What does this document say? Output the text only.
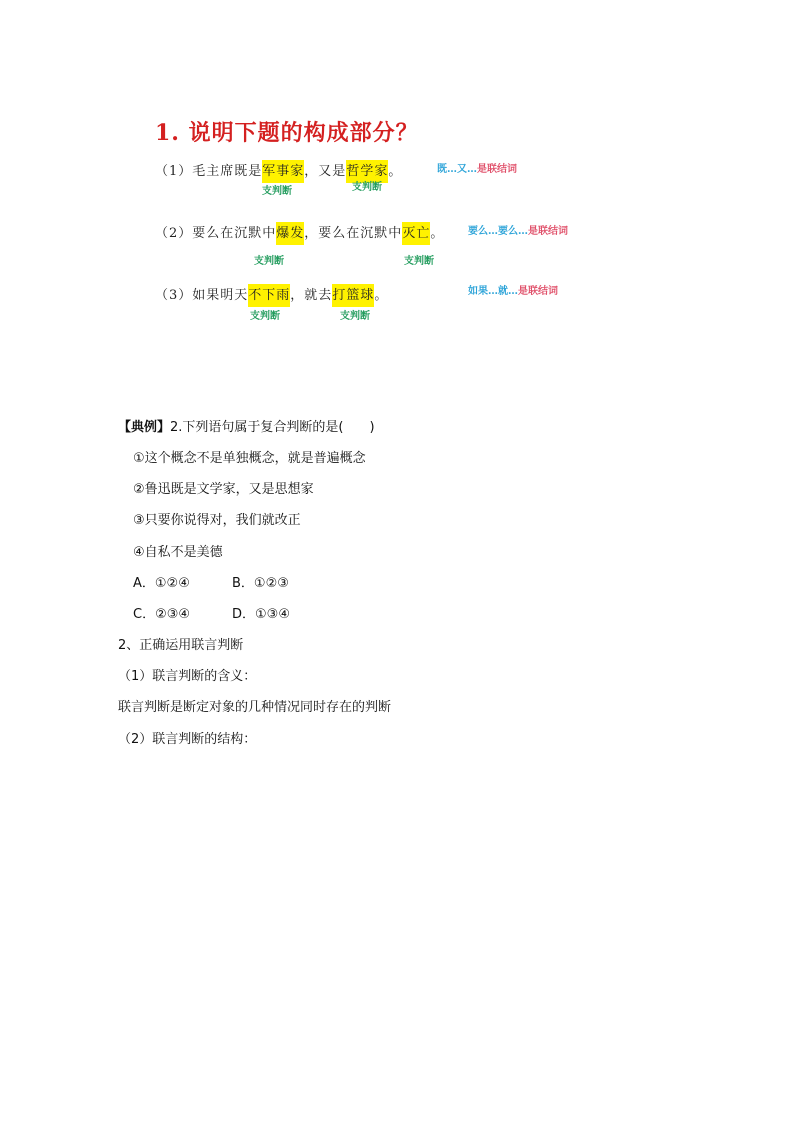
1. 说明下题的构成部分？
（1）毛主席既是军事家，又是哲学家。
支判断	支判断
既…又…是联结词
（2）要么在沉默中爆发，要么在沉默中灭亡。
支判断	支判断
要么…要么…是联结词
（3）如果明天不下雨，就去打篮球。
支判断	支判断
如果…就…是联结词
【典例】2.下列语句属于复合判断的是(　　)
①这个概念不是单独概念，就是普遍概念
②鲁迅既是文学家，又是思想家
③只要你说得对，我们就改正
④自私不是美德
A．①②④	B．①②③
C．②③④	D．①③④
2、正确运用联言判断
（1）联言判断的含义：
联言判断是断定对象的几种情况同时存在的判断
（2）联言判断的结构：
